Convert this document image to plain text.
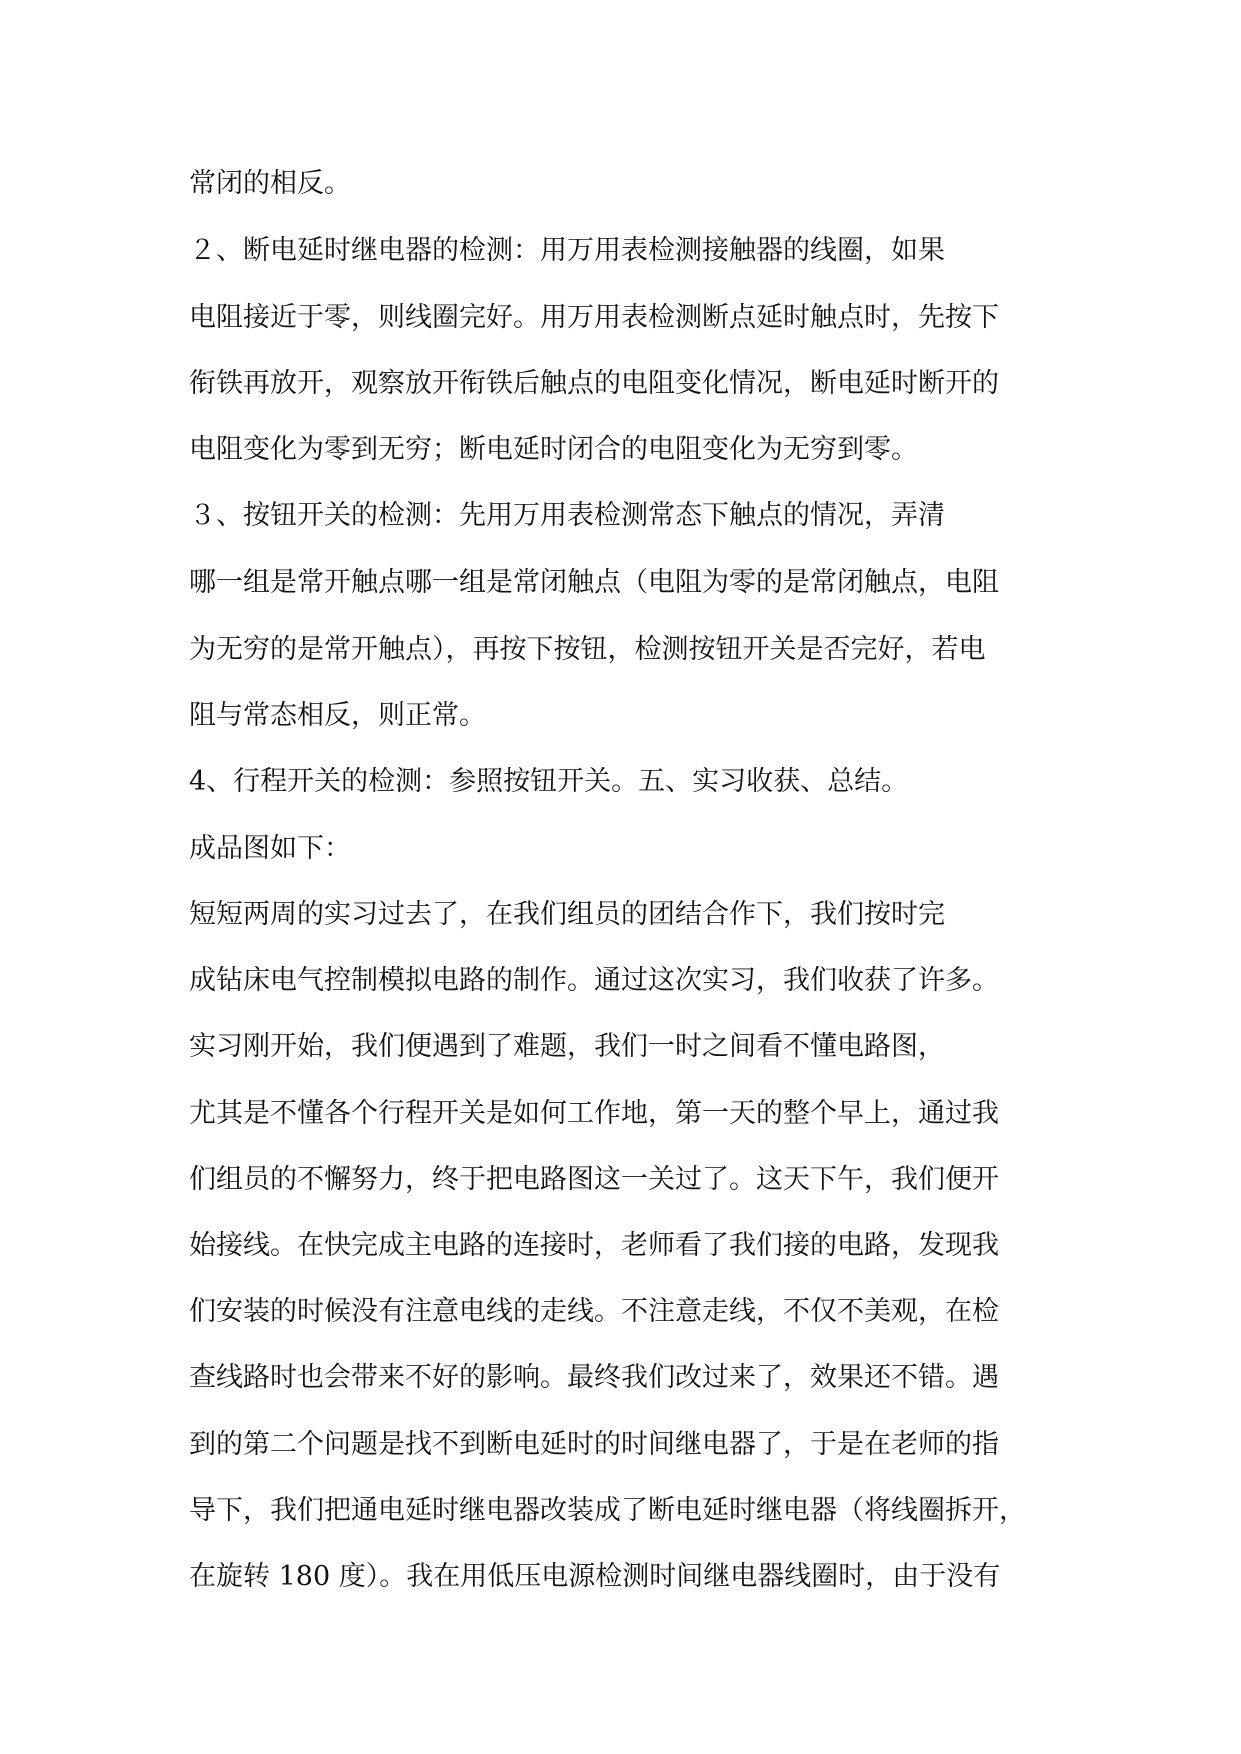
常闭的相反。
２、断电延时继电器的检测：用万用表检测接触器的线圈，如果
电阻接近于零，则线圈完好。用万用表检测断点延时触点时，先按下
衔铁再放开，观察放开衔铁后触点的电阻变化情况，断电延时断开的
电阻变化为零到无穷；断电延时闭合的电阻变化为无穷到零。
３、按钮开关的检测：先用万用表检测常态下触点的情况，弄清
哪一组是常开触点哪一组是常闭触点（电阻为零的是常闭触点，电阻
为无穷的是常开触点），再按下按钮，检测按钮开关是否完好，若电
阻与常态相反，则正常。
4、行程开关的检测：参照按钮开关。五、实习收获、总结。
成品图如下：
短短两周的实习过去了，在我们组员的团结合作下，我们按时完
成钻床电气控制模拟电路的制作。通过这次实习，我们收获了许多。
实习刚开始，我们便遇到了难题，我们一时之间看不懂电路图，
尤其是不懂各个行程开关是如何工作地，第一天的整个早上，通过我
们组员的不懈努力，终于把电路图这一关过了。这天下午，我们便开
始接线。在快完成主电路的连接时，老师看了我们接的电路，发现我
们安装的时候没有注意电线的走线。不注意走线，不仅不美观，在检
查线路时也会带来不好的影响。最终我们改过来了，效果还不错。遇
到的第二个问题是找不到断电延时的时间继电器了，于是在老师的指
导下，我们把通电延时继电器改装成了断电延时继电器（将线圈拆开，
在旋转 180 度）。我在用低压电源检测时间继电器线圈时，由于没有
